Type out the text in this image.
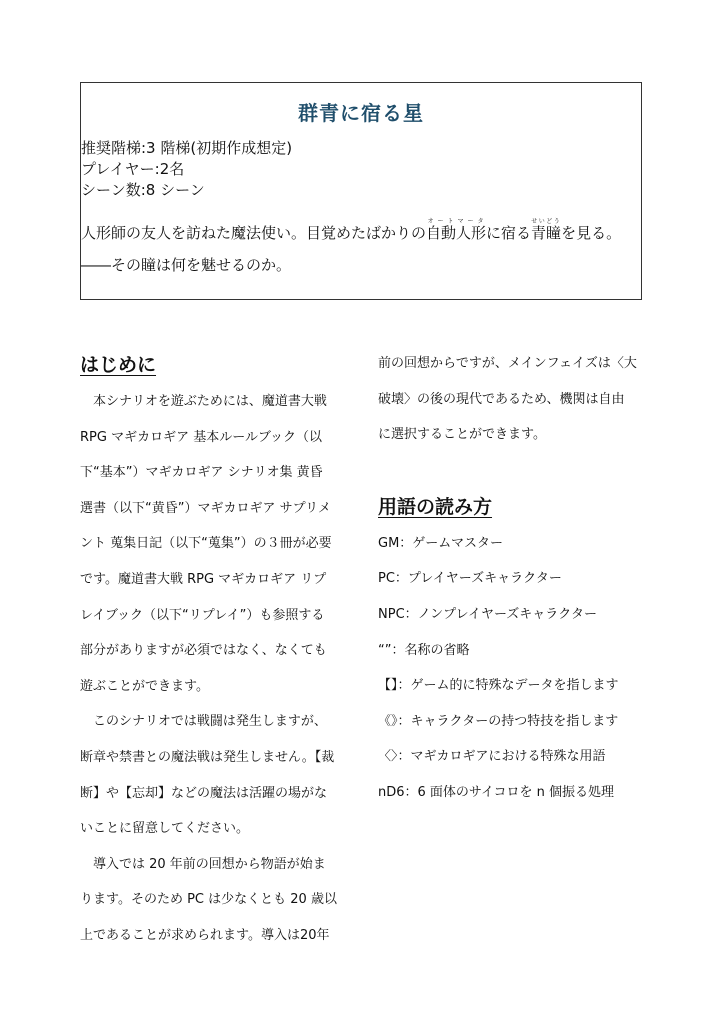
群青に宿る星
推奨階梯:3 階梯(初期作成想定)
プレイヤー:2名
シーン数:8 シーン
人形師の友人を訪ねた魔法使い。目覚めたばかりの自動人形オートマータに宿る青瞳せいどうを見る。
――その瞳は何を魅せるのか。
はじめに
　本シナリオを遊ぶためには、魔道書大戦
RPG マギカロギア 基本ルールブック（以
下“基本”）マギカロギア シナリオ集 黄昏
選書（以下“黄昏”）マギカロギア サプリメ
ント 蒐集日記（以下“蒐集”）の３冊が必要
です。魔道書大戦 RPG マギカロギア リプ
レイブック（以下“リプレイ”）も参照する
部分がありますが必須ではなく、なくても
遊ぶことができます。
　このシナリオでは戦闘は発生しますが、
断章や禁書との魔法戦は発生しません。【裁
断】や【忘却】などの魔法は活躍の場がな
いことに留意してください。
　導入では 20 年前の回想から物語が始ま
ります。そのため PC は少なくとも 20 歳以
上であることが求められます。導入は20年
前の回想からですが、メインフェイズは〈大
破壊〉の後の現代であるため、機関は自由
に選択することができます。
用語の読み方
GM：ゲームマスター
PC：プレイヤーズキャラクター
NPC：ノンプレイヤーズキャラクター
“”：名称の省略
【】：ゲーム的に特殊なデータを指します
《》：キャラクターの持つ特技を指します
〈〉：マギカロギアにおける特殊な用語
nD6：6 面体のサイコロを n 個振る処理
